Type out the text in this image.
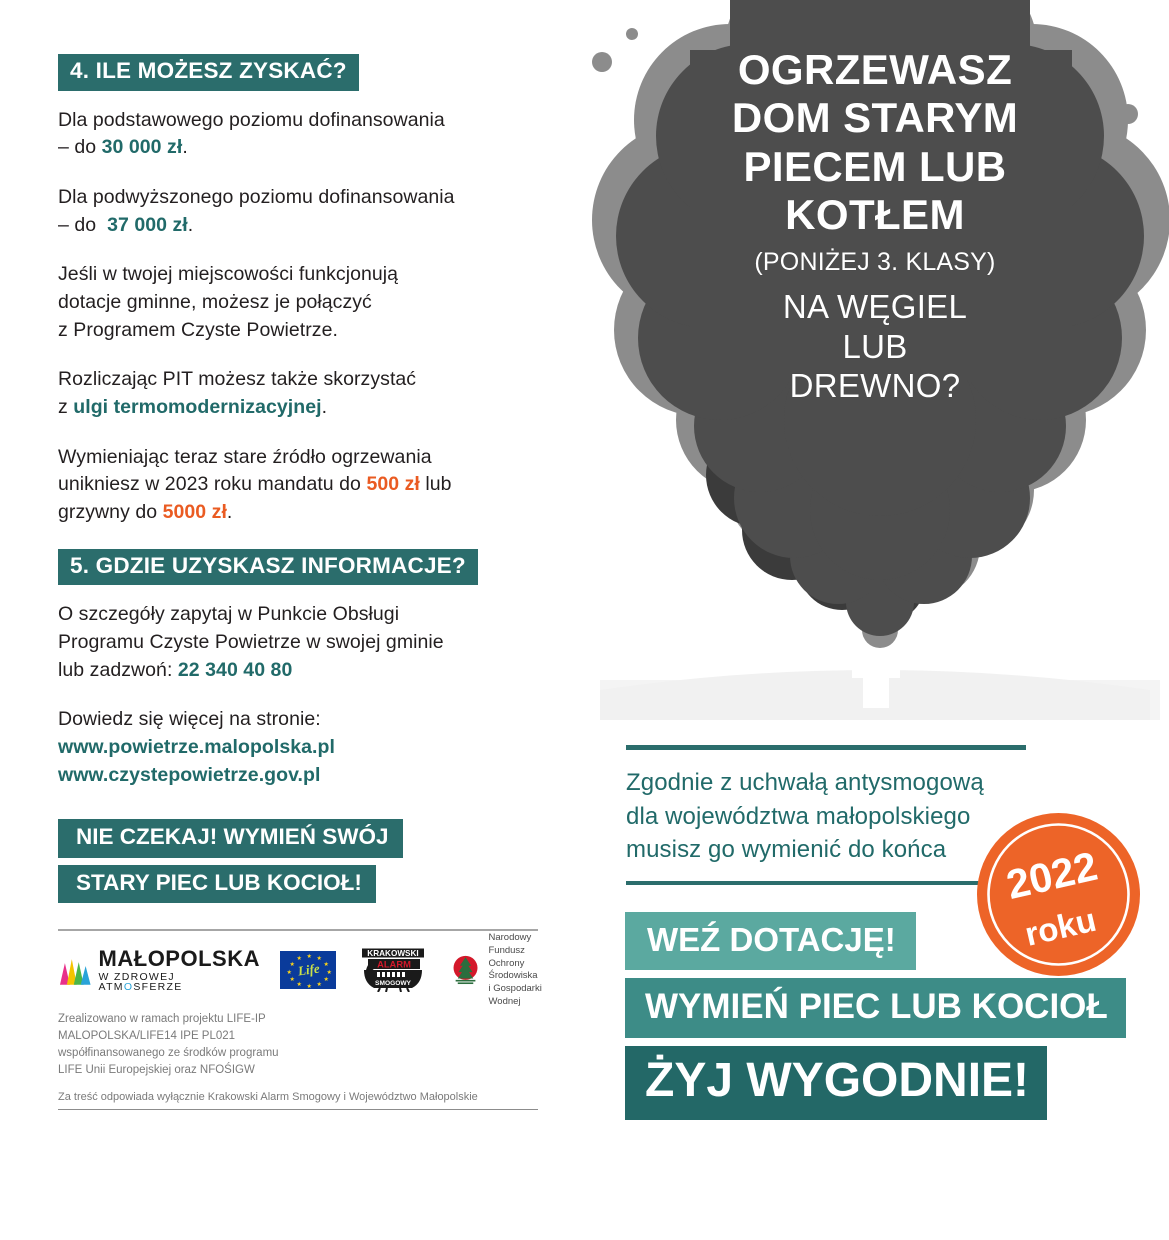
4. ILE MOŻESZ ZYSKAĆ?

Dla podstawowego poziomu dofinansowania
– do 30 000 zł.

Dla podwyższonego poziomu dofinansowania
– do  37 000 zł.

Jeśli w twojej miejscowości funkcjonują
dotacje gminne, możesz je połączyć
z Programem Czyste Powietrze.

Rozliczając PIT możesz także skorzystać
z ulgi termomodernizacyjnej.

Wymieniając teraz stare źródło ogrzewania
unikniesz w 2023 roku mandatu do 500 zł lub
grzywny do 5000 zł.

5. GDZIE UZYSKASZ INFORMACJE?

O szczegóły zapytaj w Punkcie Obsługi
Programu Czyste Powietrze w swojej gminie
lub zadzwoń: 22 340 40 80

Dowiedz się więcej na stronie:
www.powietrze.malopolska.pl
www.czystepowietrze.gov.pl

NIE CZEKAJ! WYMIEŃ SWÓJ
STARY PIEC LUB KOCIOŁ!
MAŁOPOLSKA
W ZDROWEJ ATMOSFERZE
★ ★
★
★
★
★
★
★
★
★
★
★
Life
KRAKOWSKI
ALARM
SMOGOWY
Narodowy Fundusz
Ochrony Środowiska
i Gospodarki Wodnej

Zrealizowano w ramach projektu LIFE-IP
MALOPOLSKA/LIFE14 IPE PL021
współfinansowanego ze środków programu
LIFE Unii Europejskiej oraz NFOŚIGW

Za treść odpowiada wyłącznie Krakowski Alarm Smogowy i Województwo Małopolskie

OGRZEWASZ

DOM STARYM

PIECEM LUB

KOTŁEM

(PONIŻEJ 3. KLASY)

NA WĘGIEL

LUB

DREWNO?

Zgodnie z uchwałą antysmogową
dla województwa małopolskiego
musisz go wymienić do końca	2022
roku
WEŹ DOTACJĘ!
WYMIEŃ PIEC LUB KOCIOŁ
ŻYJ WYGODNIE!
